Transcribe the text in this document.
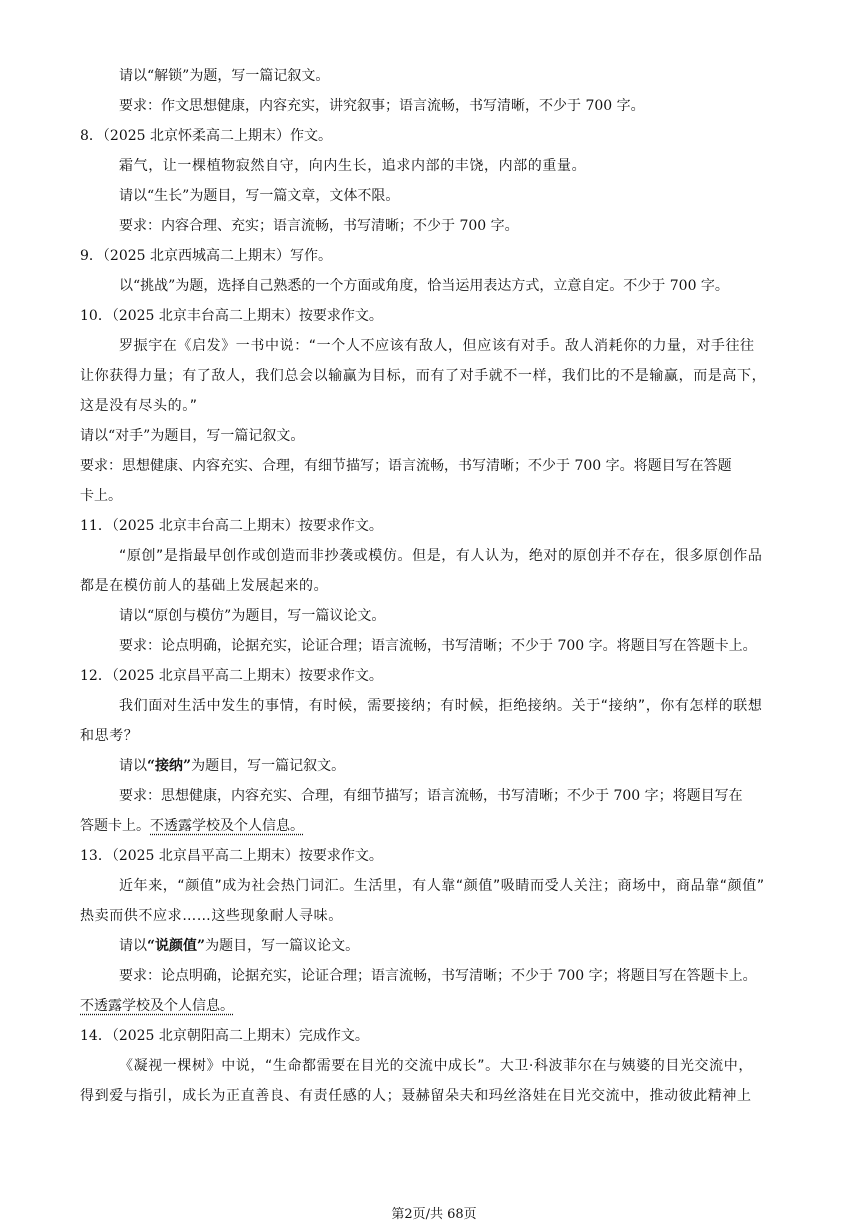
请以“解锁”为题，写一篇记叙文。
要求：作文思想健康，内容充实，讲究叙事；语言流畅，书写清晰，不少于 700 字。
8．（2025 北京怀柔高二上期末）作文。
霜气，让一棵植物寂然自守，向内生长，追求内部的丰饶，内部的重量。
请以“生长”为题目，写一篇文章，文体不限。
要求：内容合理、充实；语言流畅，书写清晰；不少于 700 字。
9．（2025 北京西城高二上期末）写作。
以“挑战”为题，选择自己熟悉的一个方面或角度，恰当运用表达方式，立意自定。不少于 700 字。
10．（2025 北京丰台高二上期末）按要求作文。
罗振宇在《启发》一书中说：“一个人不应该有敌人，但应该有对手。敌人消耗你的力量，对手往往
让你获得力量；有了敌人，我们总会以输赢为目标，而有了对手就不一样，我们比的不是输赢，而是高下，
这是没有尽头的。”
请以“对手”为题目，写一篇记叙文。
要求：思想健康、内容充实、合理，有细节描写；语言流畅，书写清晰；不少于 700 字。将题目写在答题
卡上。
11．（2025 北京丰台高二上期末）按要求作文。
“原创”是指最早创作或创造而非抄袭或模仿。但是，有人认为，绝对的原创并不存在，很多原创作品
都是在模仿前人的基础上发展起来的。
请以“原创与模仿”为题目，写一篇议论文。
要求：论点明确，论据充实，论证合理；语言流畅，书写清晰；不少于 700 字。将题目写在答题卡上。
12．（2025 北京昌平高二上期末）按要求作文。
我们面对生活中发生的事情，有时候，需要接纳；有时候，拒绝接纳。关于“接纳”，你有怎样的联想
和思考？
请以“接纳”为题目，写一篇记叙文。
要求：思想健康，内容充实、合理，有细节描写；语言流畅，书写清晰；不少于 700 字；将题目写在
答题卡上。不透露学校及个人信息。
13．（2025 北京昌平高二上期末）按要求作文。
近年来，“颜值”成为社会热门词汇。生活里，有人靠“颜值”吸睛而受人关注；商场中，商品靠“颜值”
热卖而供不应求……这些现象耐人寻味。
请以“说颜值”为题目，写一篇议论文。
要求：论点明确，论据充实，论证合理；语言流畅，书写清晰；不少于 700 字；将题目写在答题卡上。
不透露学校及个人信息。
14．（2025 北京朝阳高二上期末）完成作文。
《凝视一棵树》中说，“生命都需要在目光的交流中成长”。大卫·科波菲尔在与姨婆的目光交流中，
得到爱与指引，成长为正直善良、有责任感的人；聂赫留朵夫和玛丝洛娃在目光交流中，推动彼此精神上
第2页/共 68页
